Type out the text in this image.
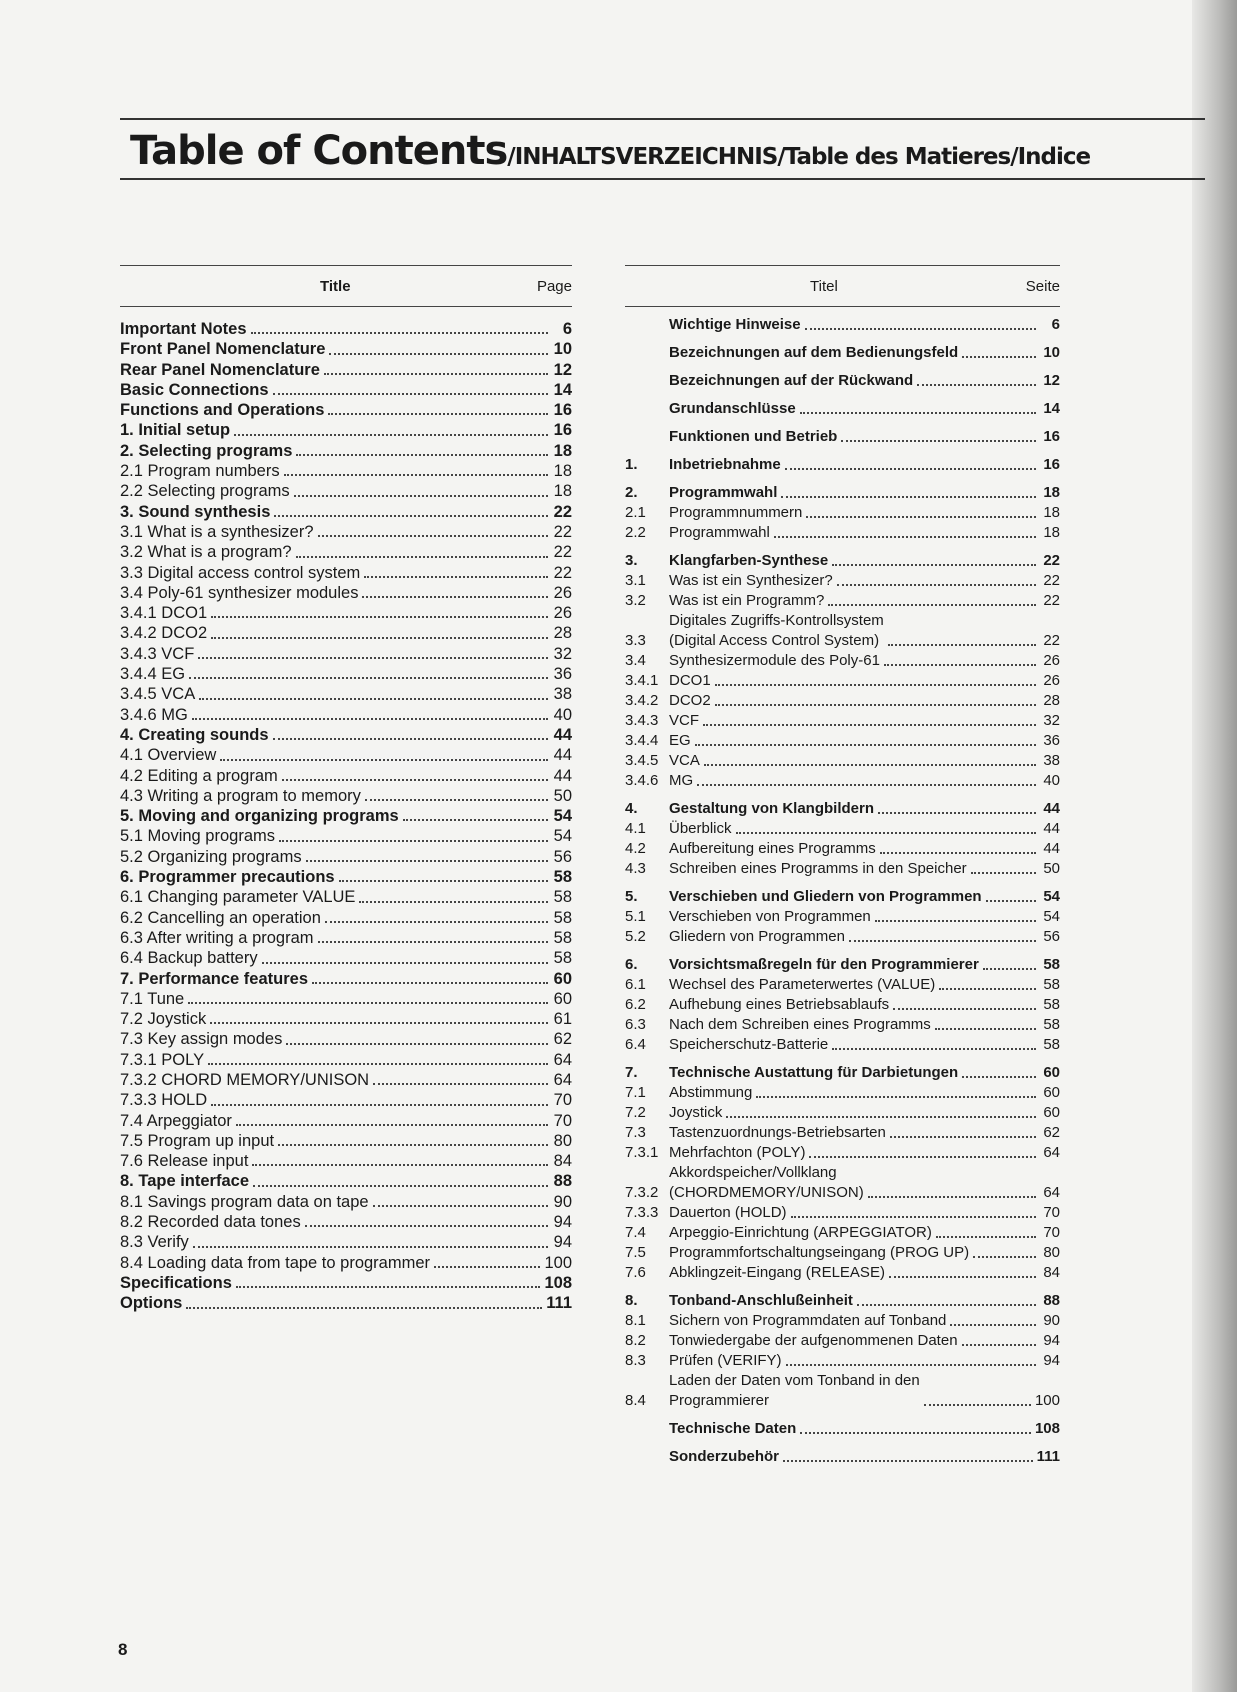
Table of Contents/INHALTSVERZEICHNIS/Table des Matieres/Indice
Title	Page
Important Notes	6
Front Panel Nomenclature	10
Rear Panel Nomenclature	12
Basic Connections	14
Functions and Operations	16
1. Initial setup	16
2. Selecting programs	18
2.1 Program numbers	18
2.2 Selecting programs	18
3. Sound synthesis	22
3.1 What is a synthesizer?	22
3.2 What is a program?	22
3.3 Digital access control system	22
3.4 Poly-61 synthesizer modules	26
3.4.1 DCO1	26
3.4.2 DCO2	28
3.4.3 VCF	32
3.4.4 EG	36
3.4.5 VCA	38
3.4.6 MG	40
4. Creating sounds	44
4.1 Overview	44
4.2 Editing a program	44
4.3 Writing a program to memory	50
5. Moving and organizing programs	54
5.1 Moving programs	54
5.2 Organizing programs	56
6. Programmer precautions	58
6.1 Changing parameter VALUE	58
6.2 Cancelling an operation	58
6.3 After writing a program	58
6.4 Backup battery	58
7. Performance features	60
7.1 Tune	60
7.2 Joystick	61
7.3 Key assign modes	62
7.3.1 POLY	64
7.3.2 CHORD MEMORY/UNISON	64
7.3.3 HOLD	70
7.4 Arpeggiator	70
7.5 Program up input	80
7.6 Release input	84
8. Tape interface	88
8.1 Savings program data on tape	90
8.2 Recorded data tones	94
8.3 Verify	94
8.4 Loading data from tape to programmer	100
Specifications	108
Options	111
Titel	Seite
Wichtige Hinweise	6
Bezeichnungen auf dem Bedienungsfeld	10
Bezeichnungen auf der Rückwand	12
Grundanschlüsse	14
Funktionen und Betrieb	16
1.	Inbetriebnahme	16
2.	Programmwahl	18
2.1	Programmnummern	18
2.2	Programmwahl	18
3.	Klangfarben-Synthese	22
3.1	Was ist ein Synthesizer?	22
3.2	Was ist ein Programm?	22
3.3
Digitales Zugriffs-Kontrollsystem
(Digital Access Control System)	22
3.4	Synthesizermodule des Poly-61	26
3.4.1 DCO1	26
3.4.2 DCO2	28
3.4.3 VCF	32
3.4.4 EG	36
3.4.5 VCA	38
3.4.6 MG	40
4.	Gestaltung von Klangbildern	44
4.1	Überblick	44
4.2	Aufbereitung eines Programms	44
4.3	Schreiben eines Programms in den Speicher	50
5.	Verschieben und Gliedern von Programmen	54
5.1	Verschieben von Programmen	54
5.2	Gliedern von Programmen	56
6.	Vorsichtsmaßregeln für den Programmierer	58
6.1	Wechsel des Parameterwertes (VALUE)	58
6.2	Aufhebung eines Betriebsablaufs	58
6.3	Nach dem Schreiben eines Programms	58
6.4	Speicherschutz-Batterie	58
7.	Technische Austattung für Darbietungen	60
7.1	Abstimmung	60
7.2	Joystick	60
7.3	Tastenzuordnungs-Betriebsarten	62
7.3.1 Mehrfachton (POLY)	64
7.3.2
Akkordspeicher/Vollklang
(CHORDMEMORY/UNISON)	64
7.3.3 Dauerton (HOLD)	70
7.4	Arpeggio-Einrichtung (ARPEGGIATOR)	70
7.5	Programmfortschaltungseingang (PROG UP)	80
7.6	Abklingzeit-Eingang (RELEASE)	84
8.	Tonband-Anschlußeinheit	88
8.1	Sichern von Programmdaten auf Tonband	90
8.2	Tonwiedergabe der aufgenommenen Daten	94
8.3	Prüfen (VERIFY)	94
8.4
Laden der Daten vom Tonband in den
Programmierer	100
Technische Daten	108
Sonderzubehör	111
8
